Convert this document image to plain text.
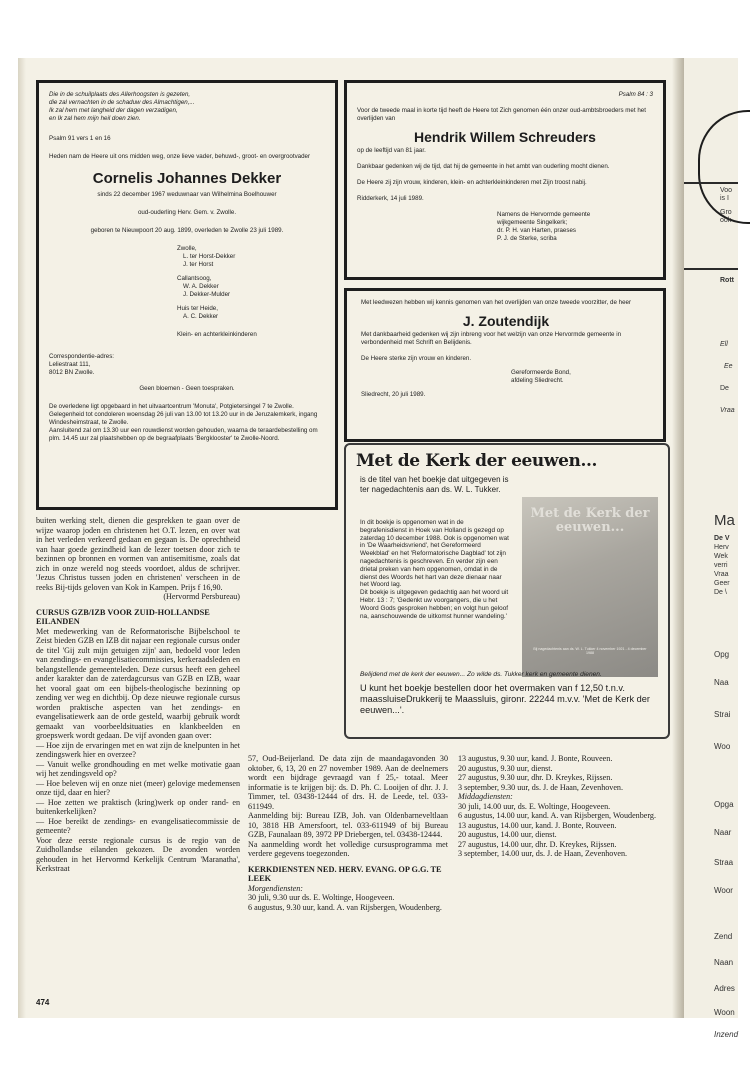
Die in de schuilplaats des Allerhoogsten is gezeten,

die zal vernachten in de schaduw des Almachtigen,...

Ik zal hem met langheid der dagen verzadigen,

en Ik zal hem mijn heil doen zien.

Psalm 91 vers 1 en 16

Heden nam de Heere uit ons midden weg, onze lieve vader, behuwd-, groot- en overgrootvader

Cornelis Johannes Dekker

sinds 22 december 1967 weduwnaar van Wilhelmina Boelhouwer

oud-ouderling Herv. Gem. v. Zwolle.

geboren te Nieuwpoort 20 aug. 1899, overleden te Zwolle 23 juli 1989.

Zwolle,
L. ter Horst-Dekker
J. ter Horst
Callantsoog,
W. A. Dekker
J. Dekker-Mulder
Huis ter Heide,
A. C. Dekker

Klein- en achterkleinkinderen

Correspondentie-adres:

Leliestraat 111,

8012 BN Zwolle.

Geen bloemen - Geen toespraken.

De overledene ligt opgebaard in het uitvaartcentrum 'Monuta', Potgietersingel 7 te Zwolle.

Gelegenheid tot condoleren woensdag 26 juli van 13.00 tot 13.20 uur in de Jeruzalemkerk, ingang Windesheimstraat, te Zwolle.

Aansluitend zal om 13.30 uur een rouwdienst worden gehouden, waarna de teraardebestelling om plm. 14.45 uur zal plaatshebben op de begraafplaats 'Bergklooster' te Zwolle-Noord.

Psalm 84 : 3

Voor de tweede maal in korte tijd heeft de Heere tot Zich genomen één onzer oud-ambtsbroeders met het overlijden van

Hendrik Willem Schreuders

op de leeftijd van 81 jaar.

Dankbaar gedenken wij de tijd, dat hij de gemeente in het ambt van ouderling mocht dienen.

De Heere zij zijn vrouw, kinderen, klein- en achterkleinkinderen met Zijn troost nabij.

Ridderkerk, 14 juli 1989.

Namens de Hervormde gemeente

wijkgemeente Singelkerk;

dr. P. H. van Harten, praeses

P. J. de Sterke, scriba

Met leedwezen hebben wij kennis genomen van het overlijden van onze tweede voorzitter, de heer

J. Zoutendijk

Met dankbaarheid gedenken wij zijn inbreng voor het welzijn van onze Hervormde gemeente in verbondenheid met Schrift en Belijdenis.

De Heere sterke zijn vrouw en kinderen.

Gereformeerde Bond,

afdeling Sliedrecht.

Sliedrecht, 20 juli 1989.

Met de Kerk der eeuwen...
is de titel van het boekje dat uitgegeven is ter nagedachtenis aan ds. W. L. Tukker.

In dit boekje is opgenomen wat in de begrafenisdienst in Hoek van Holland is gezegd op zaterdag 10 december 1988. Ook is opgenomen wat in 'De Waarheidsvriend', het Gereformeerd Weekblad' en het 'Reformatorische Dagblad' tot zijn nagedachtenis is geschreven. En verder zijn een drietal preken van hem opgenomen, omdat in de dienst des Woords het hart van deze dienaar naar het Woord lag.

Dit boekje is uitgegeven gedachtig aan het woord uit Hebr. 13 : 7; 'Gedenkt uw voorgangers, die u het Woord Gods gesproken hebben; en volgt hun geloof na, aanschouwende de uitkomst hunner wandeling.'

Met de Kerk der eeuwen...
Bij nagedachtenis aan ds. W. L. Tukker 4 november 1921 - 4 december 1988
Belijdend met de kerk der eeuwen... Zo wilde ds. Tukker kerk en gemeente dienen.
U kunt het boekje bestellen door het overmaken van f 12,50 t.n.v. maassluiseDrukkerij te Maassluis, gironr. 22244 m.v.v. 'Met de Kerk der eeuwen...'.

buiten werking stelt, dienen die gesprekken te gaan over de wijze waarop joden en christenen het O.T. lezen, en over wat in het verleden verkeerd gedaan en gegaan is. De oprechtheid van haar goede gezindheid kan de lezer toetsen door zich te bezinnen op bronnen en vormen van antisemitisme, zoals dat zich in onze wereld nog steeds voordoet, aldus de schrijver. 'Jezus Christus tussen joden en christenen' verscheen in de reeks Bij-tijds geloven van Kok in Kampen. Prijs f 16,90.

(Hervormd Persbureau)

CURSUS GZB/IZB VOOR ZUID-HOLLANDSE EILANDEN

Met medewerking van de Reformatorische Bijbelschool te Zeist bieden GZB en IZB dit najaar een regionale cursus onder de titel 'Gij zult mijn getuigen zijn' aan, bedoeld voor leden van zendings- en evangelisatiecommissies, kerkeraadsleden en belangstellende gemeenteleden. Deze cursus heeft een geheel ander karakter dan de zaterdagcursus van GZB en IZB, waar het vooral gaat om een bijbels-theologische bezinning op zending ver weg en dichtbij. Op deze nieuwe regionale cursus worden praktische aspecten van het zendings- en evangelisatiewerk aan de orde gesteld, waarbij gebruik wordt gemaakt van voorbeeldsituaties en klankbeelden en groepswerk wordt gedaan. De vijf avonden gaan over:

— Hoe zijn de ervaringen met en wat zijn de knelpunten in het zendingswerk hier en overzee?

— Vanuit welke grondhouding en met welke motivatie gaan wij het zendingsveld op?

— Hoe beleven wij en onze niet (meer) gelovige medemensen onze tijd, daar en hier?

— Hoe zetten we praktisch (kring)werk op onder rand- en buitenkerkelijken?

— Hoe bereikt de zendings- en evangelisatiecommissie de gemeente?

Voor deze eerste regionale cursus is de regio van de Zuidhollandse eilanden gekozen. De avonden worden gehouden in het Hervormd Kerkelijk Centrum 'Maranatha', Kerkstraat

57, Oud-Beijerland. De data zijn de maandagavonden 30 oktober, 6, 13, 20 en 27 november 1989. Aan de deelnemers wordt een bijdrage gevraagd van f 25,- totaal. Meer informatie is te krijgen bij: ds. D. Ph. C. Looijen of dhr. J. J. Timmer, tel. 03438-12444 of drs. H. de Leede, tel. 033-611949.

Aanmelding bij: Bureau IZB, Joh. van Oldenbarneveltlaan 10, 3818 HB Amersfoort, tel. 033-611949 of bij Bureau GZB, Faunalaan 89, 3972 PP Driebergen, tel. 03438-12444.

Na aanmelding wordt het volledige cursusprogramma met verdere gegevens toegezonden.

KERKDIENSTEN NED. HERV. EVANG. OP G.G. TE LEEK

Morgendiensten:

30 juli, 9.30 uur ds. E. Woltinge, Hoogeveen.

6 augustus, 9.30 uur, kand. A. van Rijsbergen, Woudenberg.

13 augustus, 9.30 uur, kand. J. Bonte, Rouveen.

20 augustus, 9.30 uur, dienst.

27 augustus, 9.30 uur, dhr. D. Kreykes, Rijssen.

3 september, 9.30 uur, ds. J. de Haan, Zevenhoven.

Middagdiensten:

30 juli, 14.00 uur, ds. E. Woltinge, Hoogeveen.

6 augustus, 14.00 uur, kand. A. van Rijsbergen, Woudenberg.

13 augustus, 14.00 uur, kand. J. Bonte, Rouveen.

20 augustus, 14.00 uur, dienst.

27 augustus, 14.00 uur, dhr. D. Kreykes, Rijssen.

3 september, 14.00 uur, ds. J. de Haan, Zevenhoven.

474
Voo
is I
Gro
ook
Rott
Ell
Ee
De
Vraa
Ma
De V
Herv
Wek
verri
Vraa
Geer
De \
Opg
Naa
Strai
Woo
Opga
Naar
Straa
Woor
Zend
Naan
Adres
Woon
Inzend
